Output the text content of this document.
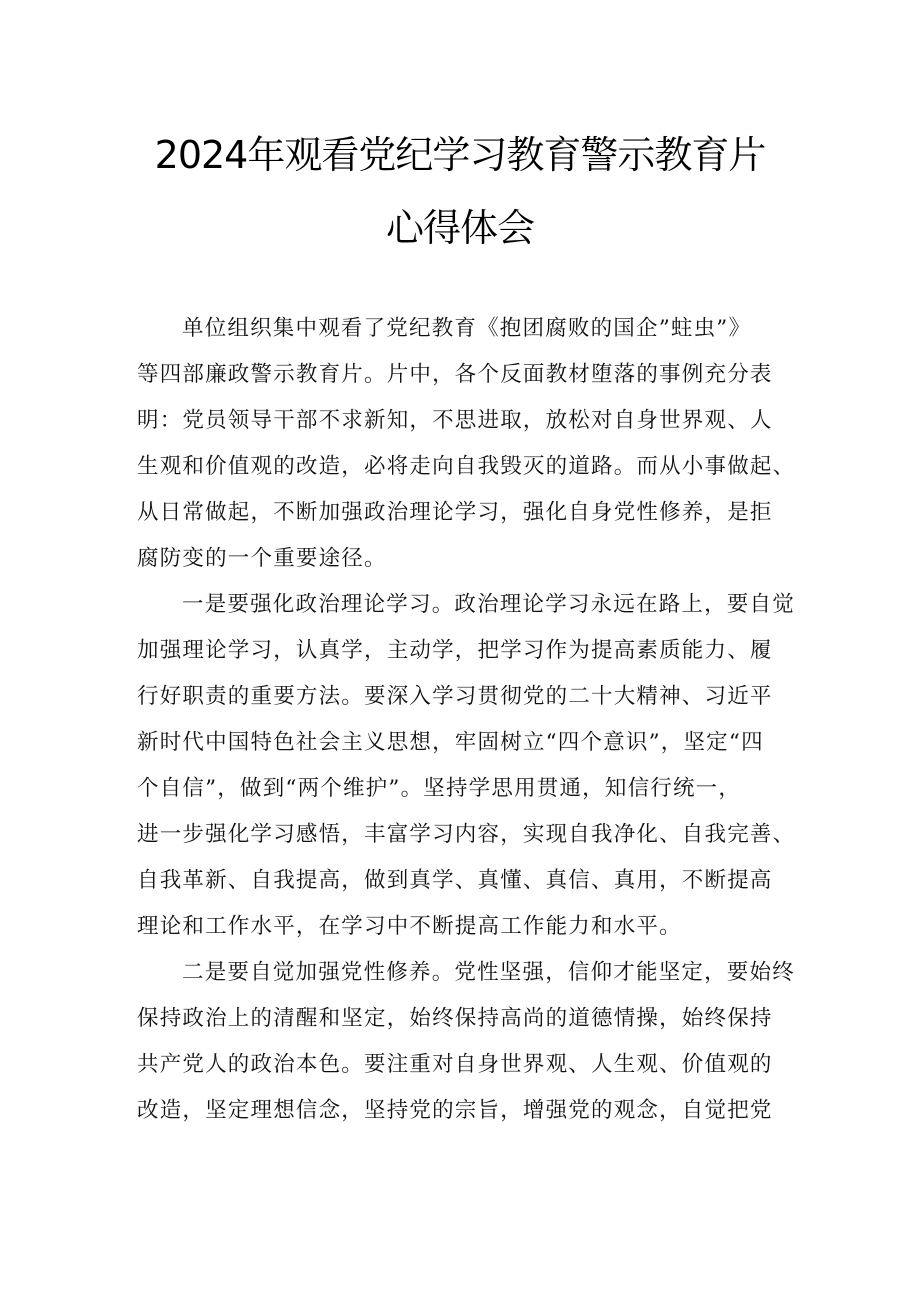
2024年观看党纪学习教育警示教育片
心得体会
单位组织集中观看了党纪教育《抱团腐败的国企”蛀虫”》
等四部廉政警示教育片。片中，各个反面教材堕落的事例充分表
明：党员领导干部不求新知，不思进取，放松对自身世界观、人
生观和价值观的改造，必将走向自我毁灭的道路。而从小事做起、
从日常做起，不断加强政治理论学习，强化自身党性修养，是拒
腐防变的一个重要途径。
一是要强化政治理论学习。政治理论学习永远在路上，要自觉
加强理论学习，认真学，主动学，把学习作为提高素质能力、履
行好职责的重要方法。要深入学习贯彻党的二十大精神、习近平
新时代中国特色社会主义思想，牢固树立“四个意识”，坚定“四
个自信”，做到“两个维护”。坚持学思用贯通，知信行统一，
进一步强化学习感悟，丰富学习内容，实现自我净化、自我完善、
自我革新、自我提高，做到真学、真懂、真信、真用，不断提高
理论和工作水平，在学习中不断提高工作能力和水平。
二是要自觉加强党性修养。党性坚强，信仰才能坚定，要始终
保持政治上的清醒和坚定，始终保持高尚的道德情操，始终保持
共产党人的政治本色。要注重对自身世界观、人生观、价值观的
改造，坚定理想信念，坚持党的宗旨，增强党的观念，自觉把党
